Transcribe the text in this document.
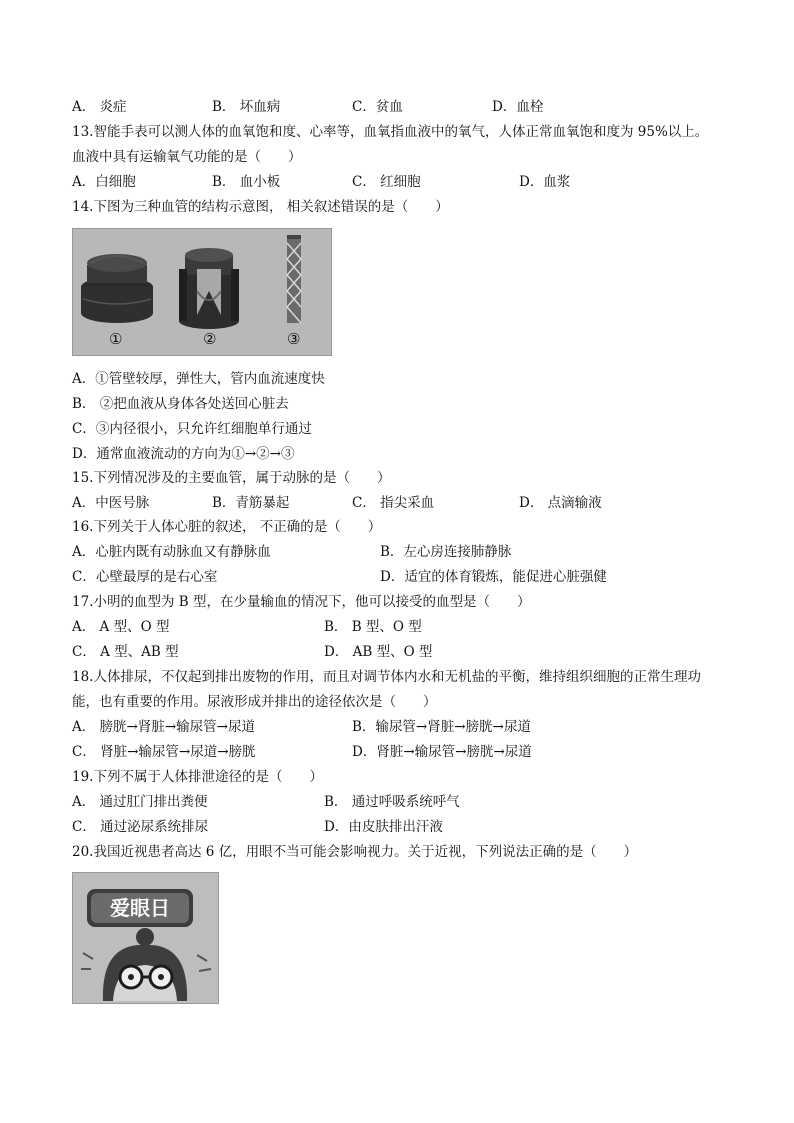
A． 炎症	B． 坏血病	C．贫血	D．血栓
13.智能手表可以测人体的血氧饱和度、心率等，血氧指血液中的氧气，人体正常血氧饱和度为 95%以上。
血液中具有运输氧气功能的是（　　）
A．白细胞	B． 血小板	C． 红细胞	D．血浆
14.下图为三种血管的结构示意图， 相关叙述错误的是（　　）
①	②	③
A．①管壁较厚，弹性大，管内血流速度快
B． ②把血液从身体各处送回心脏去
C．③内径很小，只允许红细胞单行通过
D．通常血液流动的方向为①→②→③
15.下列情况涉及的主要血管，属于动脉的是（　　）
A．中医号脉	B．青筋暴起	C． 指尖采血	D． 点滴输液
16.下列关于人体心脏的叙述， 不正确的是（　　）
A．心脏内既有动脉血又有静脉血	B．左心房连接肺静脉
C．心壁最厚的是右心室	D．适宜的体育锻炼，能促进心脏强健
17.小明的血型为 B 型，在少量输血的情况下，他可以接受的血型是（　　）
A． A 型、O 型	B． B 型、O 型
C． A 型、AB 型	D． AB 型、O 型
18.人体排尿，不仅起到排出废物的作用，而且对调节体内水和无机盐的平衡，维持组织细胞的正常生理功
能，也有重要的作用。尿液形成并排出的途径依次是（　　）
A． 膀胱→肾脏→输尿管→尿道	B．输尿管→肾脏→膀胱→尿道
C． 肾脏→输尿管→尿道→膀胱	D．肾脏→输尿管→膀胱→尿道
19.下列不属于人体排泄途径的是（　　）
A． 通过肛门排出粪便	B． 通过呼吸系统呼气
C． 通过泌尿系统排尿	D．由皮肤排出汗液
20.我国近视患者高达 6 亿，用眼不当可能会影响视力。关于近视，下列说法正确的是（　　）
爱眼日
